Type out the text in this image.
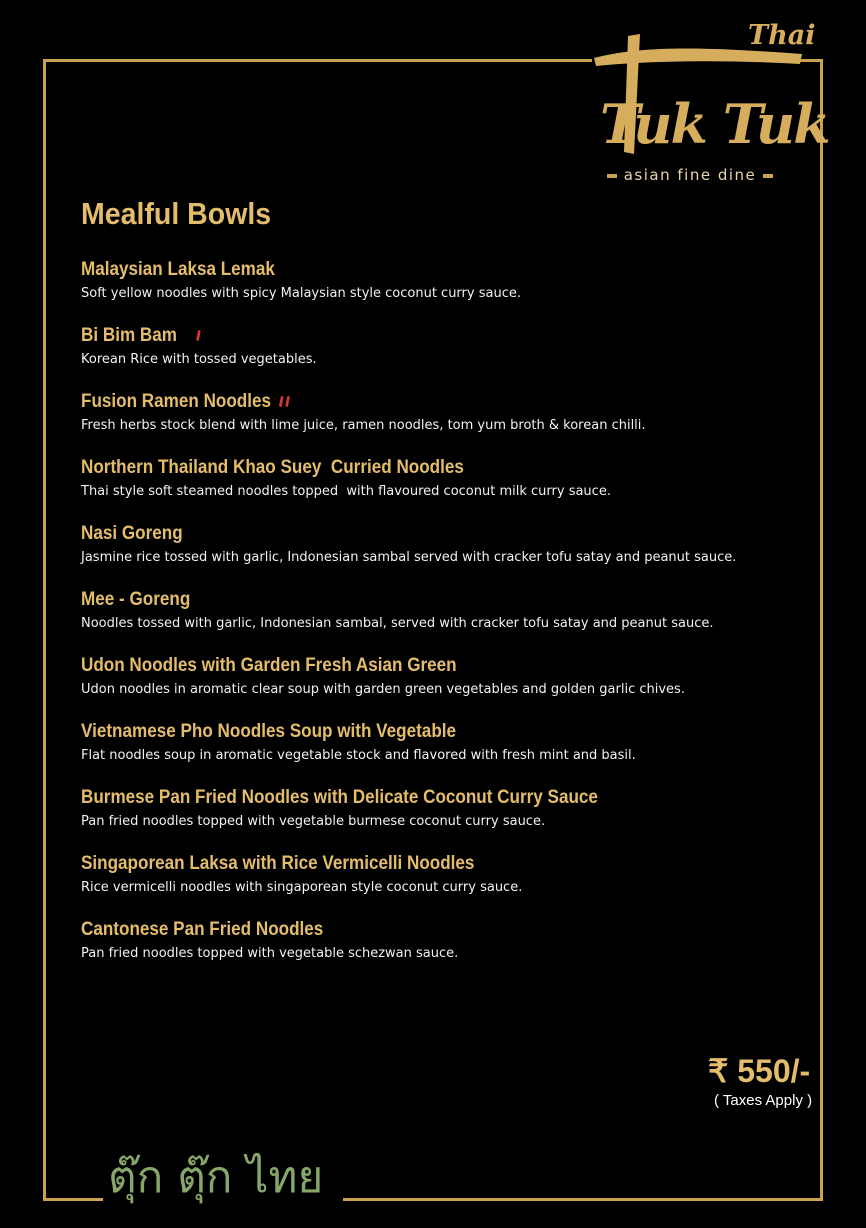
Thai
Tuk Tuk
asian fine dine
Mealful Bowls
Malaysian Laksa Lemak
Soft yellow noodles with spicy Malaysian style coconut curry sauce.
Bi Bim Bam
Korean Rice with tossed vegetables.
Fusion Ramen Noodles
Fresh herbs stock blend with lime juice, ramen noodles, tom yum broth & korean chilli.
Northern Thailand Khao Suey  Curried Noodles
Thai style soft steamed noodles topped  with flavoured coconut milk curry sauce.
Nasi Goreng
Jasmine rice tossed with garlic, Indonesian sambal served with cracker tofu satay and peanut sauce.
Mee - Goreng
Noodles tossed with garlic, Indonesian sambal, served with cracker tofu satay and peanut sauce.
Udon Noodles with Garden Fresh Asian Green
Udon noodles in aromatic clear soup with garden green vegetables and golden garlic chives.
Vietnamese Pho Noodles Soup with Vegetable
Flat noodles soup in aromatic vegetable stock and flavored with fresh mint and basil.
Burmese Pan Fried Noodles with Delicate Coconut Curry Sauce
Pan fried noodles topped with vegetable burmese coconut curry sauce.
Singaporean Laksa with Rice Vermicelli Noodles
Rice vermicelli noodles with singaporean style coconut curry sauce.
Cantonese Pan Fried Noodles
Pan fried noodles topped with vegetable schezwan sauce.
₹ 550/-
( Taxes Apply )
ตุ๊ก ตุ๊ก ไทย
